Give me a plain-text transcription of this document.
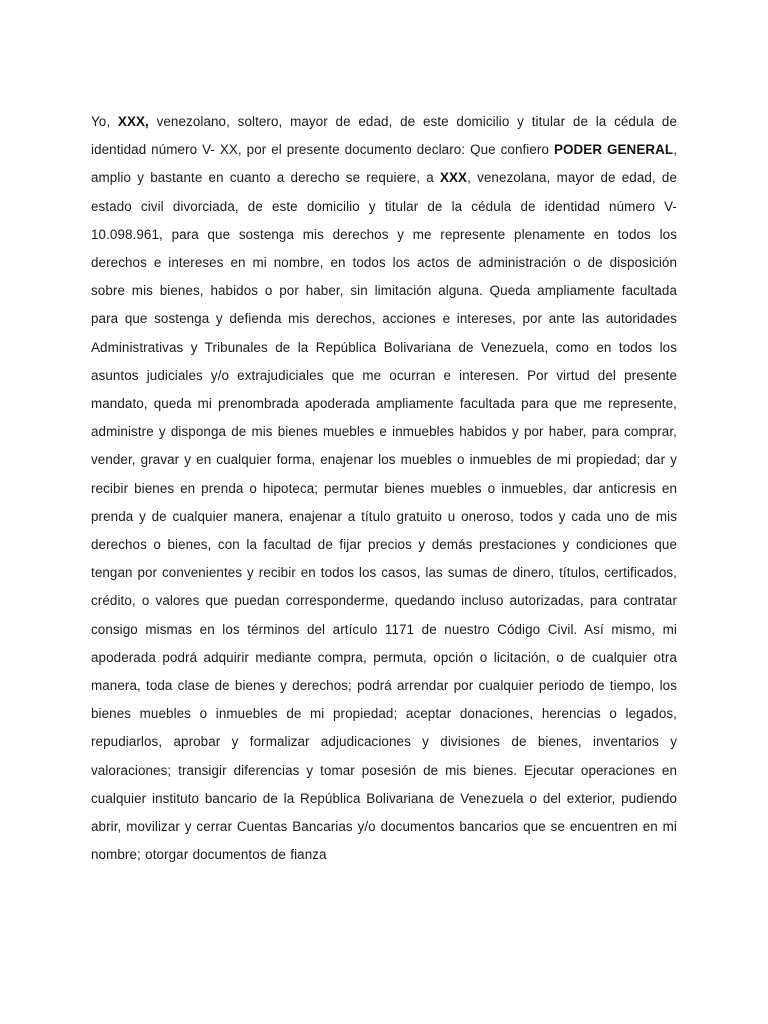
Yo, XXX, venezolano, soltero, mayor de edad, de este domicilio y titular de la cédula de identidad número V- XX, por el presente documento declaro: Que confiero PODER GENERAL, amplio y bastante en cuanto a derecho se requiere, a XXX, venezolana, mayor de edad, de estado civil divorciada, de este domicilio y titular de la cédula de identidad número V- 10.098.961, para que sostenga mis derechos y me represente plenamente en todos los derechos e intereses en mi nombre, en todos los actos de administración o de disposición sobre mis bienes, habidos o por haber, sin limitación alguna. Queda ampliamente facultada para que sostenga y defienda mis derechos, acciones e intereses, por ante las autoridades Administrativas y Tribunales de la República Bolivariana de Venezuela, como en todos los asuntos judiciales y/o extrajudiciales que me ocurran e interesen. Por virtud del presente mandato, queda mi prenombrada apoderada ampliamente facultada para que me represente, administre y disponga de mis bienes muebles e inmuebles habidos y por haber, para comprar, vender, gravar y en cualquier forma, enajenar los muebles o inmuebles de mi propiedad; dar y recibir bienes en prenda o hipoteca; permutar bienes muebles o inmuebles, dar anticresis en prenda y de cualquier manera, enajenar a título gratuito u oneroso, todos y cada uno de mis derechos o bienes, con la facultad de fijar precios y demás prestaciones y condiciones que tengan por convenientes y recibir en todos los casos, las sumas de dinero, títulos, certificados, crédito, o valores que puedan corresponderme, quedando incluso autorizadas, para contratar consigo mismas en los términos del artículo 1171 de nuestro Código Civil. Así mismo, mi apoderada podrá adquirir mediante compra, permuta, opción o licitación, o de cualquier otra manera, toda clase de bienes y derechos; podrá arrendar por cualquier periodo de tiempo, los bienes muebles o inmuebles de mi propiedad; aceptar donaciones, herencias o legados, repudiarlos, aprobar y formalizar adjudicaciones y divisiones de bienes, inventarios y valoraciones; transigir diferencias y tomar posesión de mis bienes. Ejecutar operaciones en cualquier instituto bancario de la República Bolivariana de Venezuela o del exterior, pudiendo abrir, movilizar y cerrar Cuentas Bancarias y/o documentos bancarios que se encuentren en mi nombre; otorgar documentos de fianza
